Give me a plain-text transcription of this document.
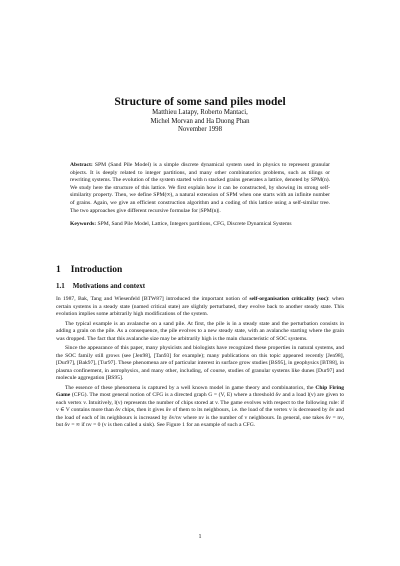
Structure of some sand piles model
Matthieu Latapy, Roberto Mantaci,
Michel Morvan and Ha Duong Phan
November 1998

Abstract: SPM (Sand Pile Model) is a simple discrete dynamical system used in physics to represent granular objects. It is deeply related to integer partitions, and many other combinatorics problems, such as tilings or rewriting systems. The evolution of the system started with n stacked grains generates a lattice, denoted by SPM(n). We study here the structure of this lattice. We first explain how it can be constructed, by showing its strong self-similarity property. Then, we define SPM(∞), a natural extension of SPM when one starts with an infinite number of grains. Again, we give an efficient construction algorithm and a coding of this lattice using a self-similar tree. The two approaches give different recursive formulae for |SPM(n)|.

Keywords: SPM, Sand Pile Model, Lattice, Integers partitions, CFG, Discrete Dynamical Systems

1 Introduction
1.1 Motivations and context

In 1987, Bak, Tang and Wiesenfeld [BTW87] introduced the important notion of self-organisation criticality (soc): when certain systems in a steady state (named critical state) are slightly perturbated, they evolve back to another steady state. This evolution implies some arbitrarily high modifications of the system.

The typical example is an avalanche on a sand pile. At first, the pile is in a steady state and the perturbation consists in adding a grain on the pile. As a consequence, the pile evolves to a new steady state, with an avalanche starting where the grain was dropped. The fact that this avalanche size may be arbitrarily high is the main characteristic of SOC systems.

Since the appearance of this paper, many physicists and biologists have recognized these properties in natural systems, and the SOC family still grows (see [Jen98], [Tan93] for example); many publications on this topic appeared recently [Jen98], [Dur97], [Bak97], [Tur97]. These phenomena are of particular interest in surface grow studies [BS95], in geophysics [BT88], in plasma confinement, in astrophysics, and many other, including, of course, studies of granular systems like dunes [Dur97] and molecule aggregation [BS95].

The essence of these phenomena is captured by a well known model in game theory and combinatorics, the Chip Firing Game (CFG). The most general notion of CFG is a directed graph G = (V, E) where a threshold δv and a load l(v) are given to each vertex v. Intuitively, l(v) represents the number of chips stored at v. The game evolves with respect to the following rule: if v ∈ V contains more than δv chips, then it gives δv of them to its neighbours, i.e. the load of the vertex v is decreased by δv and the load of each of its neighbours is increased by δv/nv where nv is the number of v neighbours. In general, one takes δv = nv, but δv = ∞ if nv = 0 (v is then called a sink). See Figure 1 for an example of such a CFG.

1
